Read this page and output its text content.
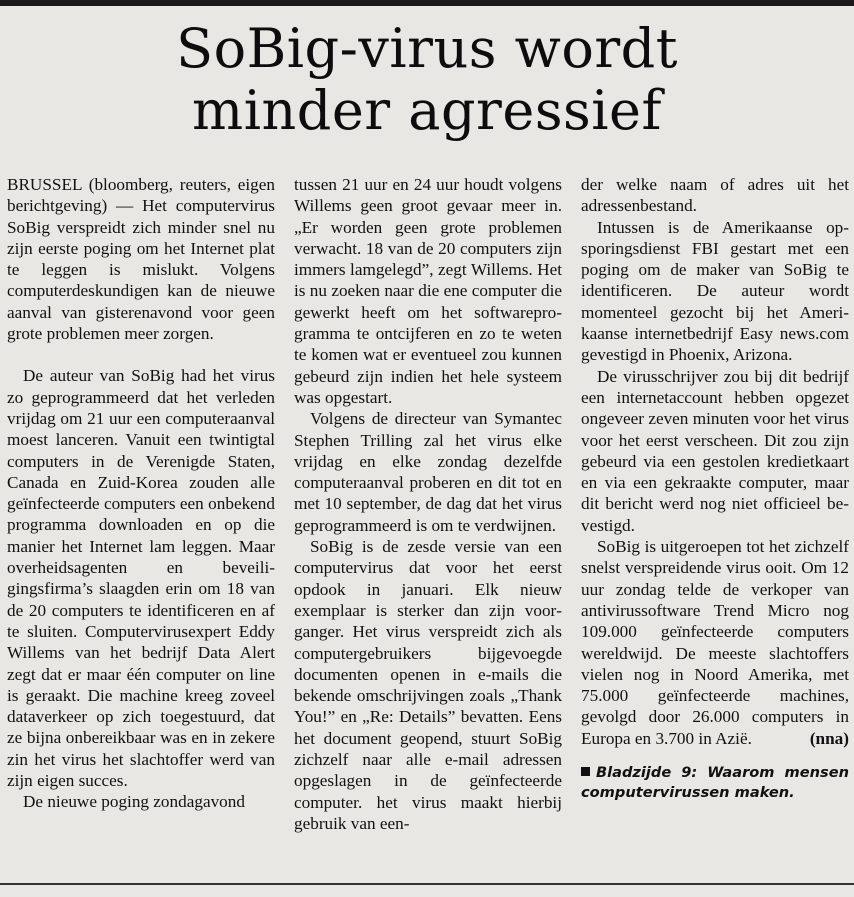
SoBig-virus wordt
minder agressief

BRUSSEL (bloomberg, reuters, eigen berichtgeving) — Het computervirus SoBig verspreidt zich minder snel nu zijn eerste poging om het Internet plat te leggen is mislukt. Volgens computerdeskundigen kan de nieuwe aanval van gisterenavond voor geen grote problemen meer zorgen.

De auteur van SoBig had het virus zo geprogrammeerd dat het verleden vrijdag om 21 uur een computeraanval moest lanceren. Vanuit een twintigtal computers in de Verenigde Staten, Canada en Zuid-Korea zouden alle geïnfecteerde computers een onbekend programma downloaden en op die manier het Internet lam leggen. Maar overheidsagenten en beveiligingsfirma’s slaagden erin om 18 van de 20 computers te identificeren en af te sluiten. Computervirusexpert Eddy Willems van het bedrijf Data Alert zegt dat er maar één computer on line is geraakt. Die machine kreeg zoveel dataverkeer op zich toegestuurd, dat ze bijna onbereikbaar was en in zekere zin het virus het slachtoffer werd van zijn eigen succes.

De nieuwe poging zondagavond

tussen 21 uur en 24 uur houdt volgens Willems geen groot gevaar meer in. „Er worden geen grote problemen verwacht. 18 van de 20 computers zijn immers lamgelegd”, zegt Willems. Het is nu zoeken naar die ene computer die gewerkt heeft om het softwareprogramma te ontcijferen en zo te weten te komen wat er eventueel zou kunnen gebeurd zijn indien het hele systeem was opgestart.

Volgens de directeur van Symantec Stephen Trilling zal het virus elke vrijdag en elke zondag dezelfde computeraanval proberen en dit tot en met 10 september, de dag dat het virus geprogrammeerd is om te verdwijnen.

SoBig is de zesde versie van een computervirus dat voor het eerst opdook in januari. Elk nieuw exemplaar is sterker dan zijn voorganger. Het virus verspreidt zich als computergebruikers bijgevoegde documenten openen in e-mails die bekende omschrijvingen zoals „Thank You!” en „Re: Details” bevatten. Eens het document geopend, stuurt SoBig zichzelf naar alle e-mail adressen opgeslagen in de geïnfecteerde computer. het virus maakt hierbij gebruik van een-

der welke naam of adres uit het adressenbestand.

Intussen is de Amerikaanse opsporingsdienst FBI gestart met een poging om de maker van SoBig te identificeren. De auteur wordt momenteel gezocht bij het Amerikaanse internetbedrijf Easy news.com gevestigd in Phoenix, Arizona.

De virusschrijver zou bij dit bedrijf een internetaccount hebben opgezet ongeveer zeven minuten voor het virus voor het eerst verscheen. Dit zou zijn gebeurd via een gestolen kredietkaart en via een gekraakte computer, maar dit bericht werd nog niet officieel bevestigd.

SoBig is uitgeroepen tot het zichzelf snelst verspreidende virus ooit. Om 12 uur zondag telde de verkoper van antivirussoftware Trend Micro nog 109.000 geïnfecteerde computers wereldwijd. De meeste slachtoffers vielen nog in Noord Amerika, met 75.000 geïnfecteerde machines, gevolgd door 26.000 computers in Europa en 3.700 in Azië.	(nna)

Bladzijde 9: Waarom mensen computervirussen maken.
